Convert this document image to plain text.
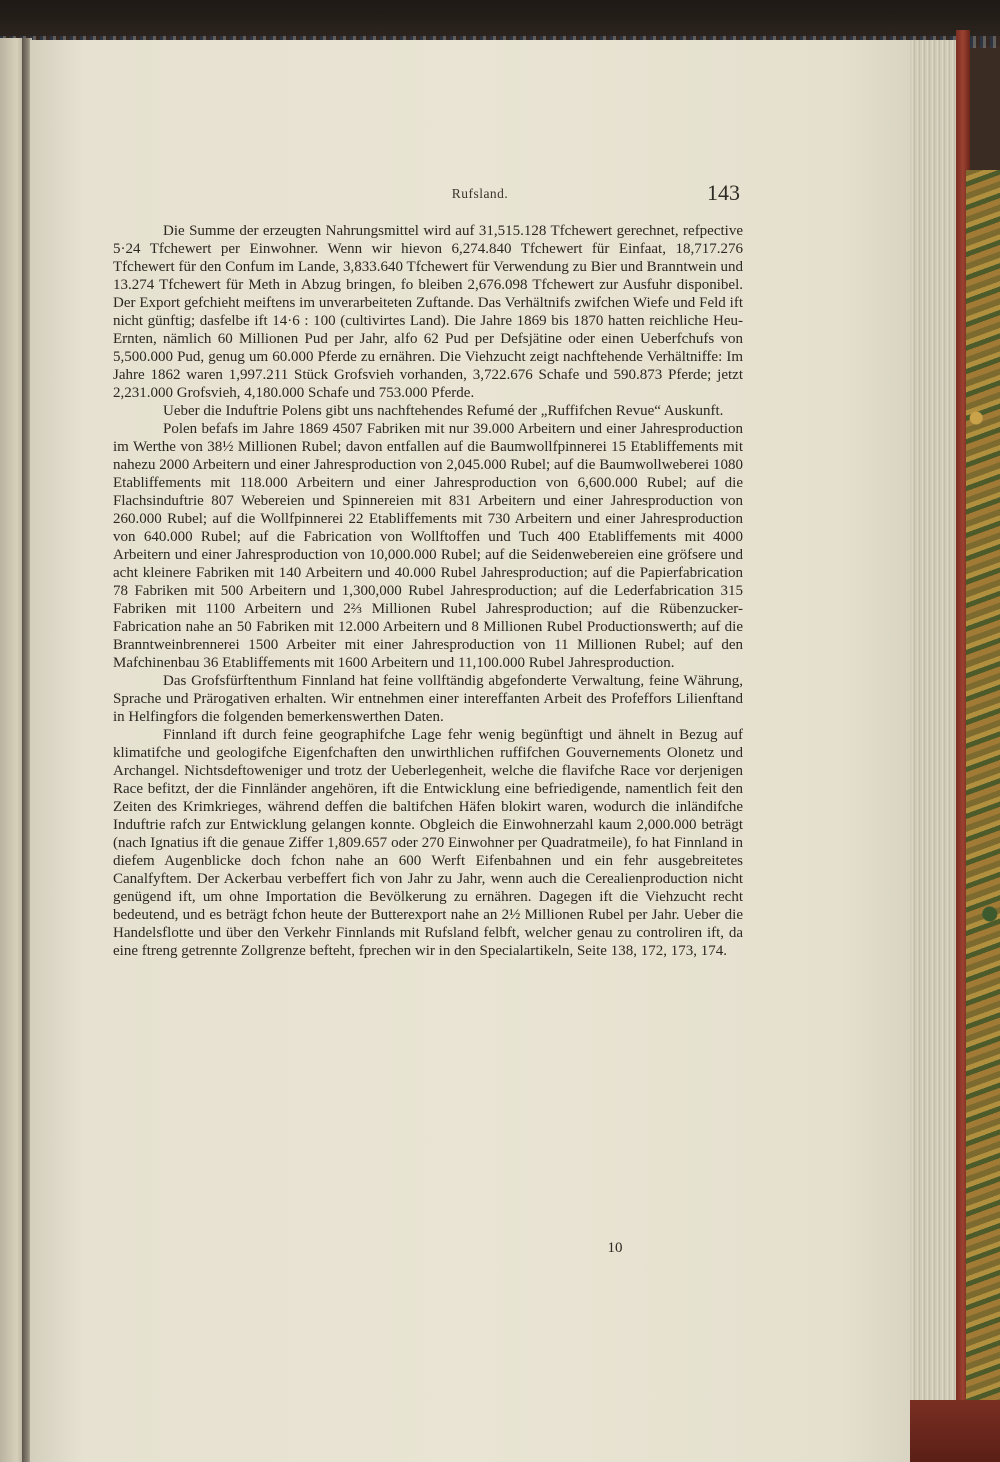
Rufsland.	143

Die Summe der erzeugten Nahrungsmittel wird auf 31,515.128 Tfchewert gerechnet, refpective 5·24 Tfchewert per Einwohner. Wenn wir hievon 6,274.840 Tfchewert für Einfaat, 18,717.276 Tfchewert für den Confum im Lande, 3,833.640 Tfchewert für Verwendung zu Bier und Branntwein und 13.274 Tfchewert für Meth in Abzug bringen, fo bleiben 2,676.098 Tfchewert zur Ausfuhr disponibel. Der Export gefchieht meiftens im unverarbeiteten Zuftande. Das Verhältnifs zwifchen Wiefe und Feld ift nicht günftig; dasfelbe ift 14·6 : 100 (cultivirtes Land). Die Jahre 1869 bis 1870 hatten reichliche Heu-Ernten, nämlich 60 Millionen Pud per Jahr, alfo 62 Pud per Defsjätine oder einen Ueberfchufs von 5,500.000 Pud, genug um 60.000 Pferde zu ernähren. Die Viehzucht zeigt nachftehende Verhältniffe: Im Jahre 1862 waren 1,997.211 Stück Grofsvieh vorhanden, 3,722.676 Schafe und 590.873 Pferde; jetzt 2,231.000 Grofsvieh, 4,180.000 Schafe und 753.000 Pferde.

Ueber die Induftrie Polens gibt uns nachftehendes Refumé der „Ruffifchen Revue“ Auskunft.

Polen befafs im Jahre 1869 4507 Fabriken mit nur 39.000 Arbeitern und einer Jahresproduction im Werthe von 38½ Millionen Rubel; davon entfallen auf die Baumwollfpinnerei 15 Etabliffements mit nahezu 2000 Arbeitern und einer Jahresproduction von 2,045.000 Rubel; auf die Baumwollweberei 1080 Etabliffements mit 118.000 Arbeitern und einer Jahresproduction von 6,600.000 Rubel; auf die Flachsinduftrie 807 Webereien und Spinnereien mit 831 Arbeitern und einer Jahresproduction von 260.000 Rubel; auf die Wollfpinnerei 22 Etabliffements mit 730 Arbeitern und einer Jahresproduction von 640.000 Rubel; auf die Fabrication von Wollftoffen und Tuch 400 Etabliffements mit 4000 Arbeitern und einer Jahresproduction von 10,000.000 Rubel; auf die Seidenwebereien eine gröfsere und acht kleinere Fabriken mit 140 Arbeitern und 40.000 Rubel Jahresproduction; auf die Papierfabrication 78 Fabriken mit 500 Arbeitern und 1,300,000 Rubel Jahresproduction; auf die Lederfabrication 315 Fabriken mit 1100 Arbeitern und 2⅔ Millionen Rubel Jahresproduction; auf die Rübenzucker-Fabrication nahe an 50 Fabriken mit 12.000 Arbeitern und 8 Millionen Rubel Productionswerth; auf die Branntweinbrennerei 1500 Arbeiter mit einer Jahresproduction von 11 Millionen Rubel; auf den Mafchinenbau 36 Etabliffements mit 1600 Arbeitern und 11,100.000 Rubel Jahresproduction.

Das Grofsfürftenthum Finnland hat feine vollftändig abgefonderte Verwaltung, feine Währung, Sprache und Prärogativen erhalten. Wir entnehmen einer intereffanten Arbeit des Profeffors Lilienftand in Helfingfors die folgenden bemerkenswerthen Daten.

Finnland ift durch feine geographifche Lage fehr wenig begünftigt und ähnelt in Bezug auf klimatifche und geologifche Eigenfchaften den unwirthlichen ruffifchen Gouvernements Olonetz und Archangel. Nichtsdeftoweniger und trotz der Ueberlegenheit, welche die flavifche Race vor derjenigen Race befitzt, der die Finnländer angehören, ift die Entwicklung eine befriedigende, namentlich feit den Zeiten des Krimkrieges, während deffen die baltifchen Häfen blokirt waren, wodurch die inländifche Induftrie rafch zur Entwicklung gelangen konnte. Obgleich die Einwohnerzahl kaum 2,000.000 beträgt (nach Ignatius ift die genaue Ziffer 1,809.657 oder 270 Einwohner per Quadratmeile), fo hat Finnland in diefem Augenblicke doch fchon nahe an 600 Werft Eifenbahnen und ein fehr ausgebreitetes Canalfyftem. Der Ackerbau verbeffert fich von Jahr zu Jahr, wenn auch die Cerealienproduction nicht genügend ift, um ohne Importation die Bevölkerung zu ernähren. Dagegen ift die Viehzucht recht bedeutend, und es beträgt fchon heute der Butterexport nahe an 2½ Millionen Rubel per Jahr. Ueber die Handelsflotte und über den Verkehr Finnlands mit Rufsland felbft, welcher genau zu controliren ift, da eine ftreng getrennte Zollgrenze befteht, fprechen wir in den Specialartikeln, Seite 138, 172, 173, 174.

10
